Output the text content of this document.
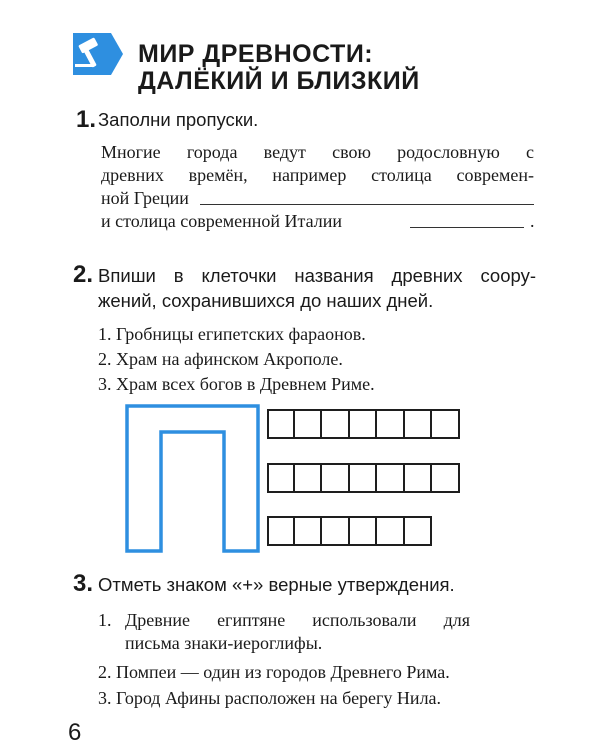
МИР ДРЕВНОСТИ:
ДАЛЁКИЙ И БЛИЗКИЙ
1. Заполни пропуски.
Многие города ведут свою родословную с
древних времён, например столица современ-
ной Греции
и столица современной Италии	.
2. Впиши в клеточки названия древних соору-
жений, сохранившихся до наших дней.
1. Гробницы египетских фараонов.
2. Храм на афинском Акрополе.
3. Храм всех богов в Древнем Риме.
3. Отметь знаком «+» верные утверждения.
1. Древние египтяне использовали для
письма знаки-иероглифы.
2. Помпеи — один из городов Древнего Рима.
3. Город Афины расположен на берегу Нила.
6
